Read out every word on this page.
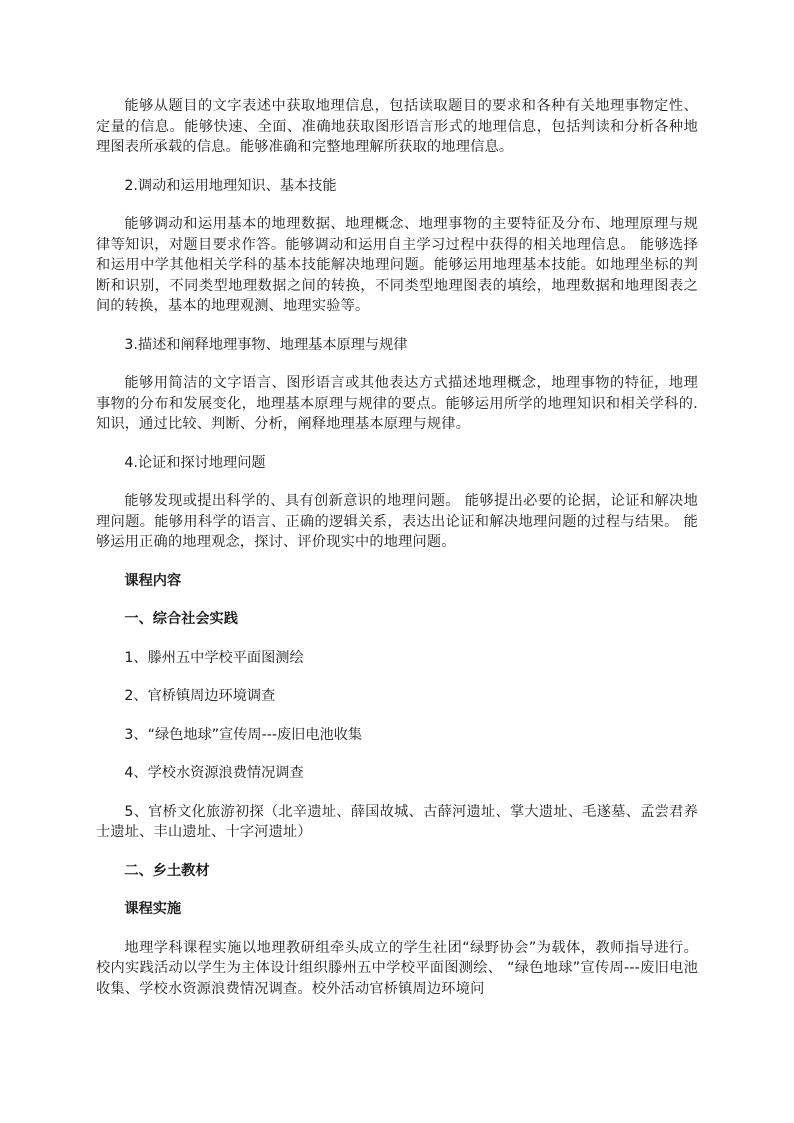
能够从题目的文字表述中获取地理信息，包括读取题目的要求和各种有关地理事物定性、定量的信息。能够快速、全面、准确地获取图形语言形式的地理信息，包括判读和分析各种地理图表所承载的信息。能够准确和完整地理解所获取的地理信息。

2.调动和运用地理知识、基本技能

能够调动和运用基本的地理数据、地理概念、地理事物的主要特征及分布、地理原理与规律等知识，对题目要求作答。能够调动和运用自主学习过程中获得的相关地理信息。 能够选择和运用中学其他相关学科的基本技能解决地理问题。能够运用地理基本技能。如地理坐标的判断和识别，不同类型地理数据之间的转换，不同类型地理图表的填绘，地理数据和地理图表之间的转换，基本的地理观测、地理实验等。

3.描述和阐释地理事物、地理基本原理与规律

能够用简洁的文字语言、图形语言或其他表达方式描述地理概念，地理事物的特征，地理事物的分布和发展变化，地理基本原理与规律的要点。能够运用所学的地理知识和相关学科的.知识，通过比较、判断、分析，阐释地理基本原理与规律。

4.论证和探讨地理问题

能够发现或提出科学的、具有创新意识的地理问题。 能够提出必要的论据，论证和解决地理问题。能够用科学的语言、正确的逻辑关系，表达出论证和解决地理问题的过程与结果。 能够运用正确的地理观念，探讨、评价现实中的地理问题。

课程内容

一、综合社会实践

1、滕州五中学校平面图测绘

2、官桥镇周边环境调查

3、“绿色地球”宣传周---废旧电池收集

4、学校水资源浪费情况调查

5、官桥文化旅游初探（北辛遗址、薛国故城、古薛河遗址、掌大遗址、毛遂墓、孟尝君养士遗址、丰山遗址、十字河遗址）

二、乡土教材

课程实施

地理学科课程实施以地理教研组牵头成立的学生社团“绿野协会”为载体，教师指导进行。校内实践活动以学生为主体设计组织滕州五中学校平面图测绘、 “绿色地球”宣传周---废旧电池收集、学校水资源浪费情况调查。校外活动官桥镇周边环境问
